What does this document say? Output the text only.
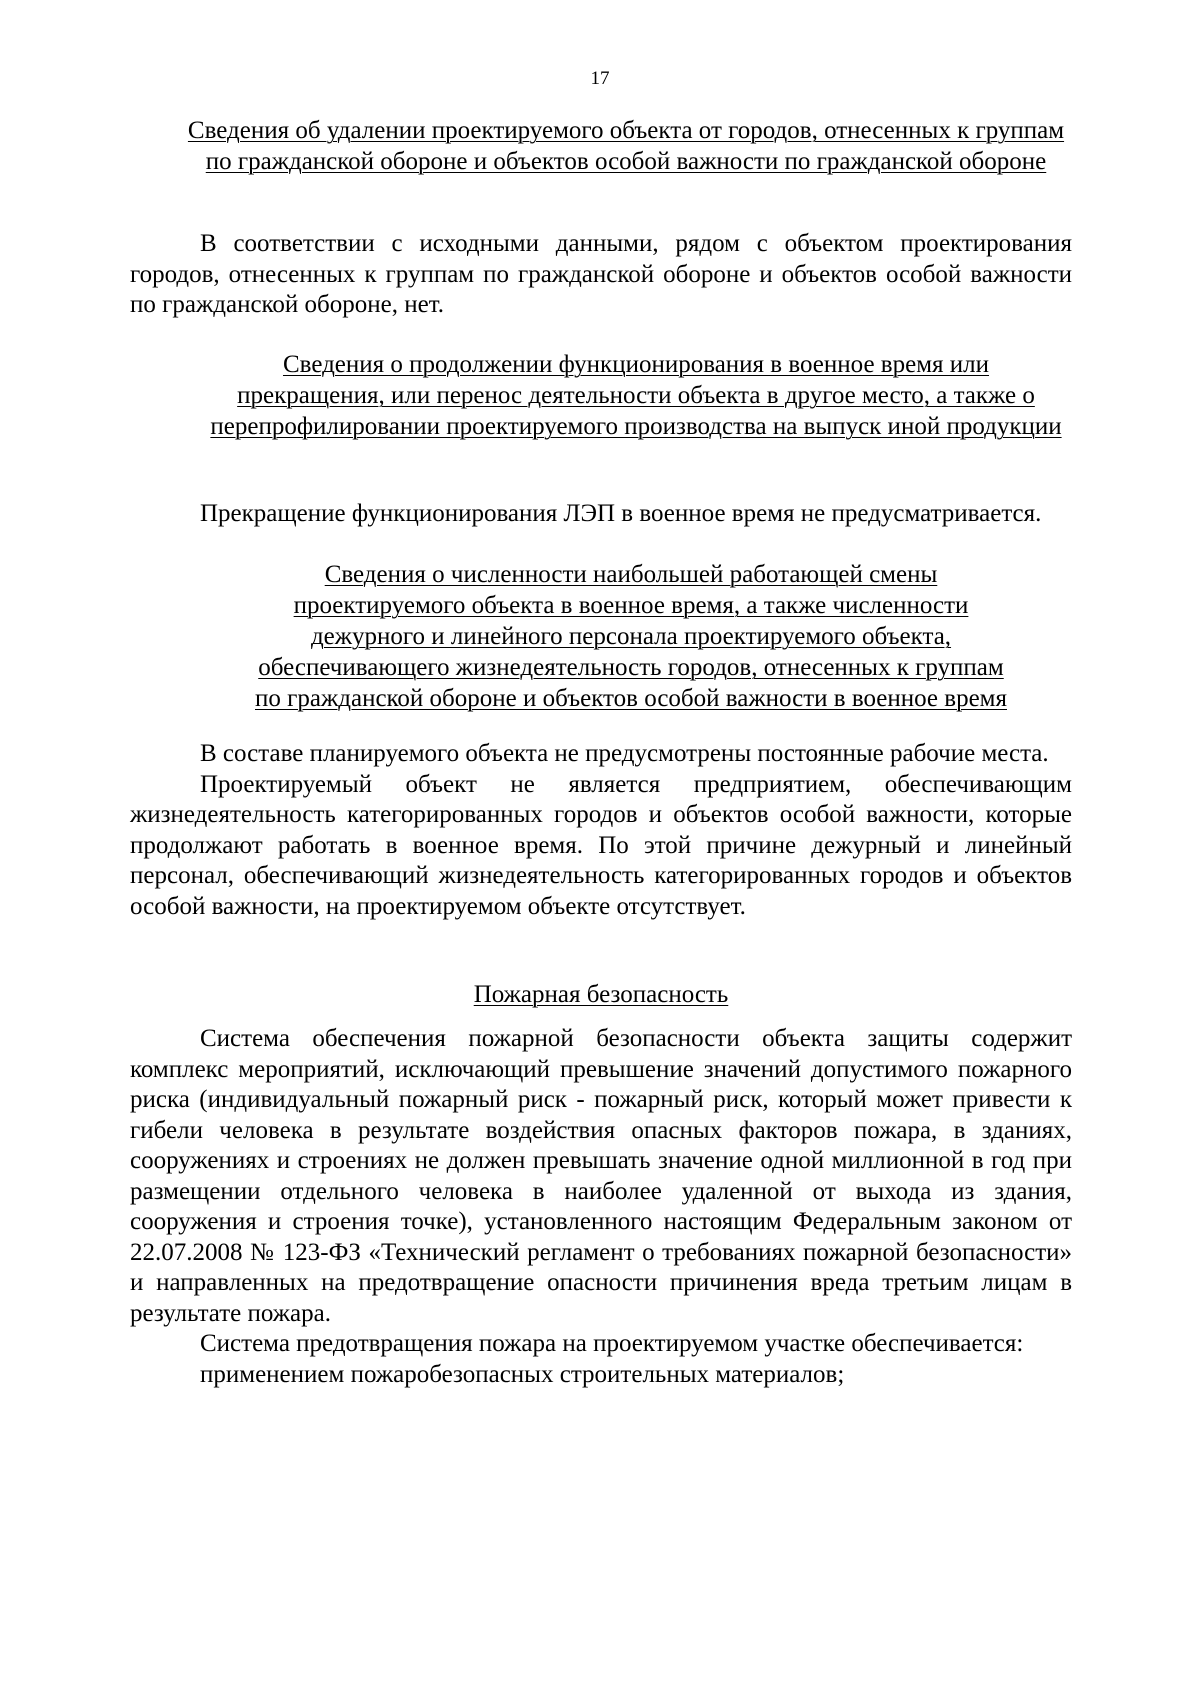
17
Сведения об удалении проектируемого объекта от городов, отнесенных к группам по гражданской обороне и объектов особой важности по гражданской обороне

В соответствии с исходными данными, рядом с объектом проектирования городов, отнесенных к группам по гражданской обороне и объектов особой важности по гражданской обороне, нет.

Сведения о продолжении функционирования в военное время или прекращения, или перенос деятельности объекта в другое место, а также о перепрофилировании проектируемого производства на выпуск иной продукции

Прекращение функционирования ЛЭП в военное время не предусматривается.

Сведения о численности наибольшей работающей смены проектируемого объекта в военное время, а также численности дежурного и линейного персонала проектируемого объекта, обеспечивающего жизнедеятельность городов, отнесенных к группам по гражданской обороне и объектов особой важности в военное время

В составе планируемого объекта не предусмотрены постоянные рабочие места.

Проектируемый объект не является предприятием, обеспечивающим жизнедеятельность категорированных городов и объектов особой важности, которые продолжают работать в военное время. По этой причине дежурный и линейный персонал, обеспечивающий жизнедеятельность категорированных городов и объектов особой важности, на проектируемом объекте отсутствует.

Пожарная безопасность

Система обеспечения пожарной безопасности объекта защиты содержит комплекс мероприятий, исключающий превышение значений допустимого пожарного риска (индивидуальный пожарный риск - пожарный риск, который может привести к гибели человека в результате воздействия опасных факторов пожара, в зданиях, сооружениях и строениях не должен превышать значение одной миллионной в год при размещении отдельного человека в наиболее удаленной от выхода из здания, сооружения и строения точке), установленного настоящим Федеральным законом от 22.07.2008 № 123-ФЗ «Технический регламент о требованиях пожарной безопасности» и направленных на предотвращение опасности причинения вреда третьим лицам в результате пожара.

Система предотвращения пожара на проектируемом участке обеспечивается:

применением пожаробезопасных строительных материалов;
